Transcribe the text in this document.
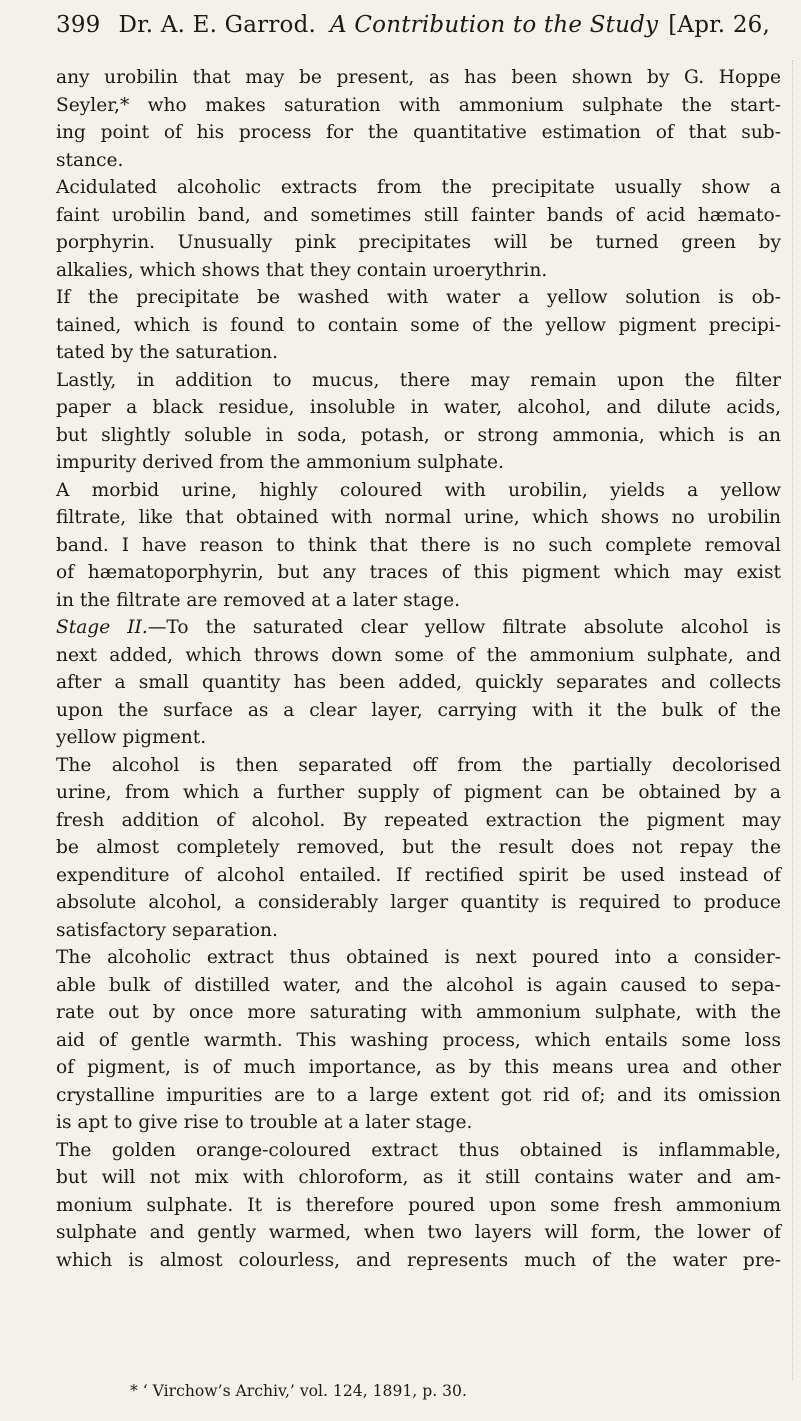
399 Dr. A. E. Garrod. A Contribution to the Study [Apr. 26,
any urobilin that may be present, as has been shown by G. Hoppe
Seyler,* who makes saturation with ammonium sulphate the start-
ing point of his process for the quantitative estimation of that sub-
stance.
Acidulated alcoholic extracts from the precipitate usually show a
faint urobilin band, and sometimes still fainter bands of acid hæmato-
porphyrin. Unusually pink precipitates will be turned green by
alkalies, which shows that they contain uroerythrin.
If the precipitate be washed with water a yellow solution is ob-
tained, which is found to contain some of the yellow pigment precipi-
tated by the saturation.
Lastly, in addition to mucus, there may remain upon the filter
paper a black residue, insoluble in water, alcohol, and dilute acids,
but slightly soluble in soda, potash, or strong ammonia, which is an
impurity derived from the ammonium sulphate.
A morbid urine, highly coloured with urobilin, yields a yellow
filtrate, like that obtained with normal urine, which shows no urobilin
band. I have reason to think that there is no such complete removal
of hæmatoporphyrin, but any traces of this pigment which may exist
in the filtrate are removed at a later stage.
Stage II.—To the saturated clear yellow filtrate absolute alcohol is
next added, which throws down some of the ammonium sulphate, and
after a small quantity has been added, quickly separates and collects
upon the surface as a clear layer, carrying with it the bulk of the
yellow pigment.
The alcohol is then separated off from the partially decolorised
urine, from which a further supply of pigment can be obtained by a
fresh addition of alcohol. By repeated extraction the pigment may
be almost completely removed, but the result does not repay the
expenditure of alcohol entailed. If rectified spirit be used instead of
absolute alcohol, a considerably larger quantity is required to produce
satisfactory separation.
The alcoholic extract thus obtained is next poured into a consider-
able bulk of distilled water, and the alcohol is again caused to sepa-
rate out by once more saturating with ammonium sulphate, with the
aid of gentle warmth. This washing process, which entails some loss
of pigment, is of much importance, as by this means urea and other
crystalline impurities are to a large extent got rid of; and its omission
is apt to give rise to trouble at a later stage.
The golden orange-coloured extract thus obtained is inflammable,
but will not mix with chloroform, as it still contains water and am-
monium sulphate. It is therefore poured upon some fresh ammonium
sulphate and gently warmed, when two layers will form, the lower of
which is almost colourless, and represents much of the water pre-
* ‘ Virchow’s Archiv,’ vol. 124, 1891, p. 30.
